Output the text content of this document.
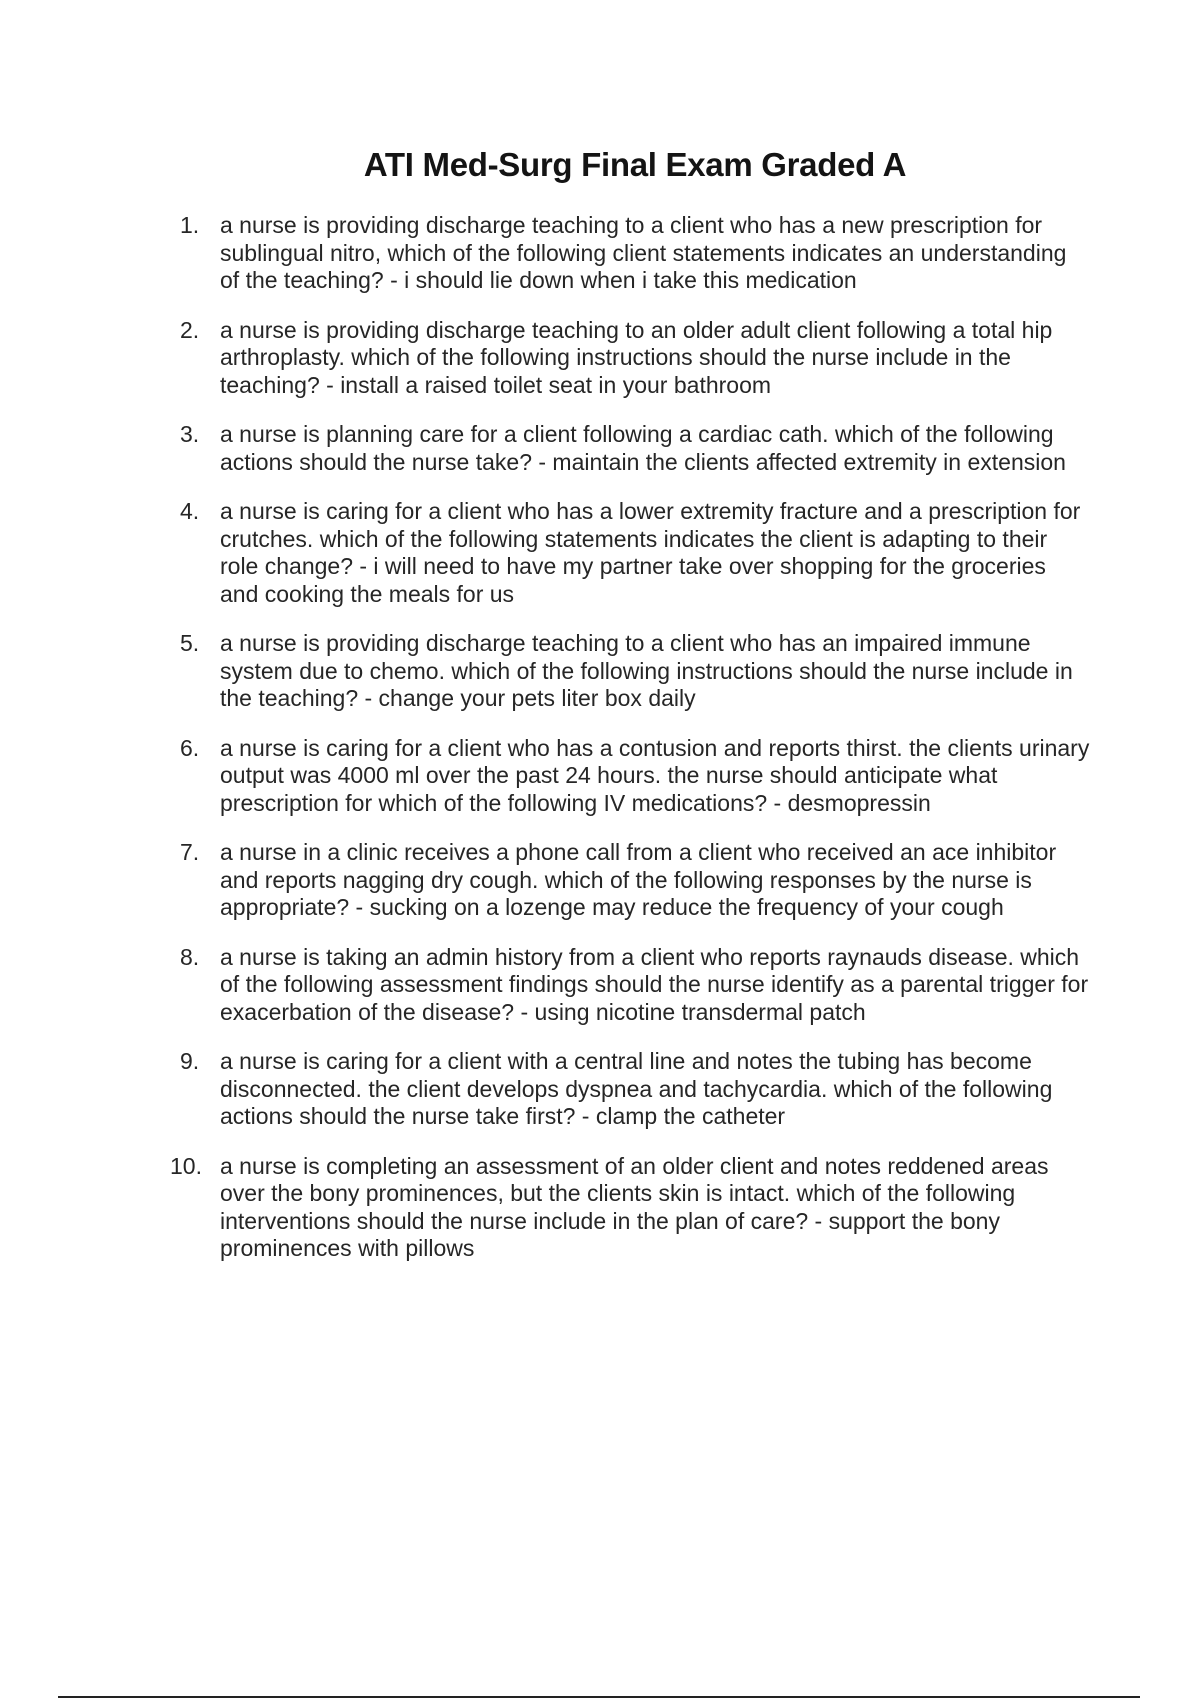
ATI Med-Surg Final Exam Graded A
1. a nurse is providing discharge teaching to a client who has a new prescription for sublingual nitro, which of the following client statements indicates an understanding of the teaching? - i should lie down when i take this medication
2. a nurse is providing discharge teaching to an older adult client following a total hip arthroplasty. which of the following instructions should the nurse include in the teaching? - install a raised toilet seat in your bathroom
3. a nurse is planning care for a client following a cardiac cath. which of the following actions should the nurse take? - maintain the clients affected extremity in extension
4. a nurse is caring for a client who has a lower extremity fracture and a prescription for crutches. which of the following statements indicates the client is adapting to their role change? - i will need to have my partner take over shopping for the groceries and cooking the meals for us
5. a nurse is providing discharge teaching to a client who has an impaired immune system due to chemo. which of the following instructions should the nurse include in the teaching? - change your pets liter box daily
6. a nurse is caring for a client who has a contusion and reports thirst. the clients urinary output was 4000 ml over the past 24 hours. the nurse should anticipate what prescription for which of the following IV medications? - desmopressin
7. a nurse in a clinic receives a phone call from a client who received an ace inhibitor and reports nagging dry cough. which of the following responses by the nurse is appropriate? - sucking on a lozenge may reduce the frequency of your cough
8. a nurse is taking an admin history from a client who reports raynauds disease. which of the following assessment findings should the nurse identify as a parental trigger for exacerbation of the disease? - using nicotine transdermal patch
9. a nurse is caring for a client with a central line and notes the tubing has become disconnected. the client develops dyspnea and tachycardia. which of the following actions should the nurse take first? - clamp the catheter
10. a nurse is completing an assessment of an older client and notes reddened areas over the bony prominences, but the clients skin is intact. which of the following interventions should the nurse include in the plan of care? - support the bony prominences with pillows
